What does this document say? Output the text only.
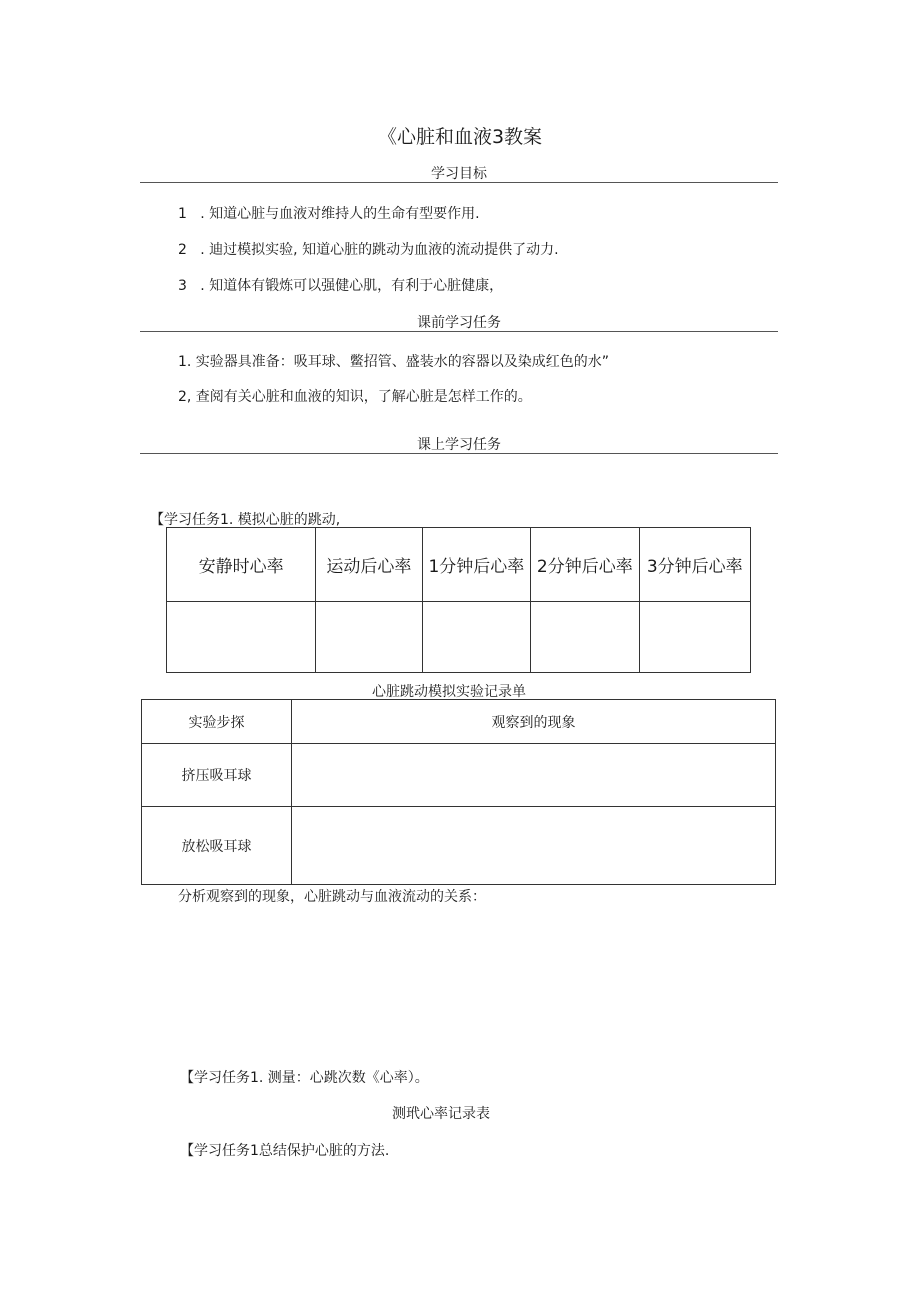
《心脏和血液3教案
学习目标
1 . 知道心脏与血液对维持人的生命有型要作用.
2 . 迪过模拟实验, 知道心脏的跳动为血液的流动提供了动力.
3 . 知道体有锻炼可以强健心肌，有利于心脏健康，
课前学习任务
1. 实验器具准备：吸耳球、鳖招管、盛装水的容器以及染成红色的水”
2, 查阅有关心脏和血液的知识，了解心脏是怎样工作的。
课上学习任务
【学习任务1. 模拟心脏的跳动,
安静时心率	运动后心率	1分钟后心率	2分钟后心率	3分钟后心率

心脏跳动模拟实验记录单
实验步探	观察到的现象
挤压吸耳球	
放松吸耳球	
分析观察到的现象，心脏跳动与血液流动的关系：
【学习任务1. 测量：心跳次数《心率）。
测玳心率记录表
【学习任务1总结保护心脏的方法.
